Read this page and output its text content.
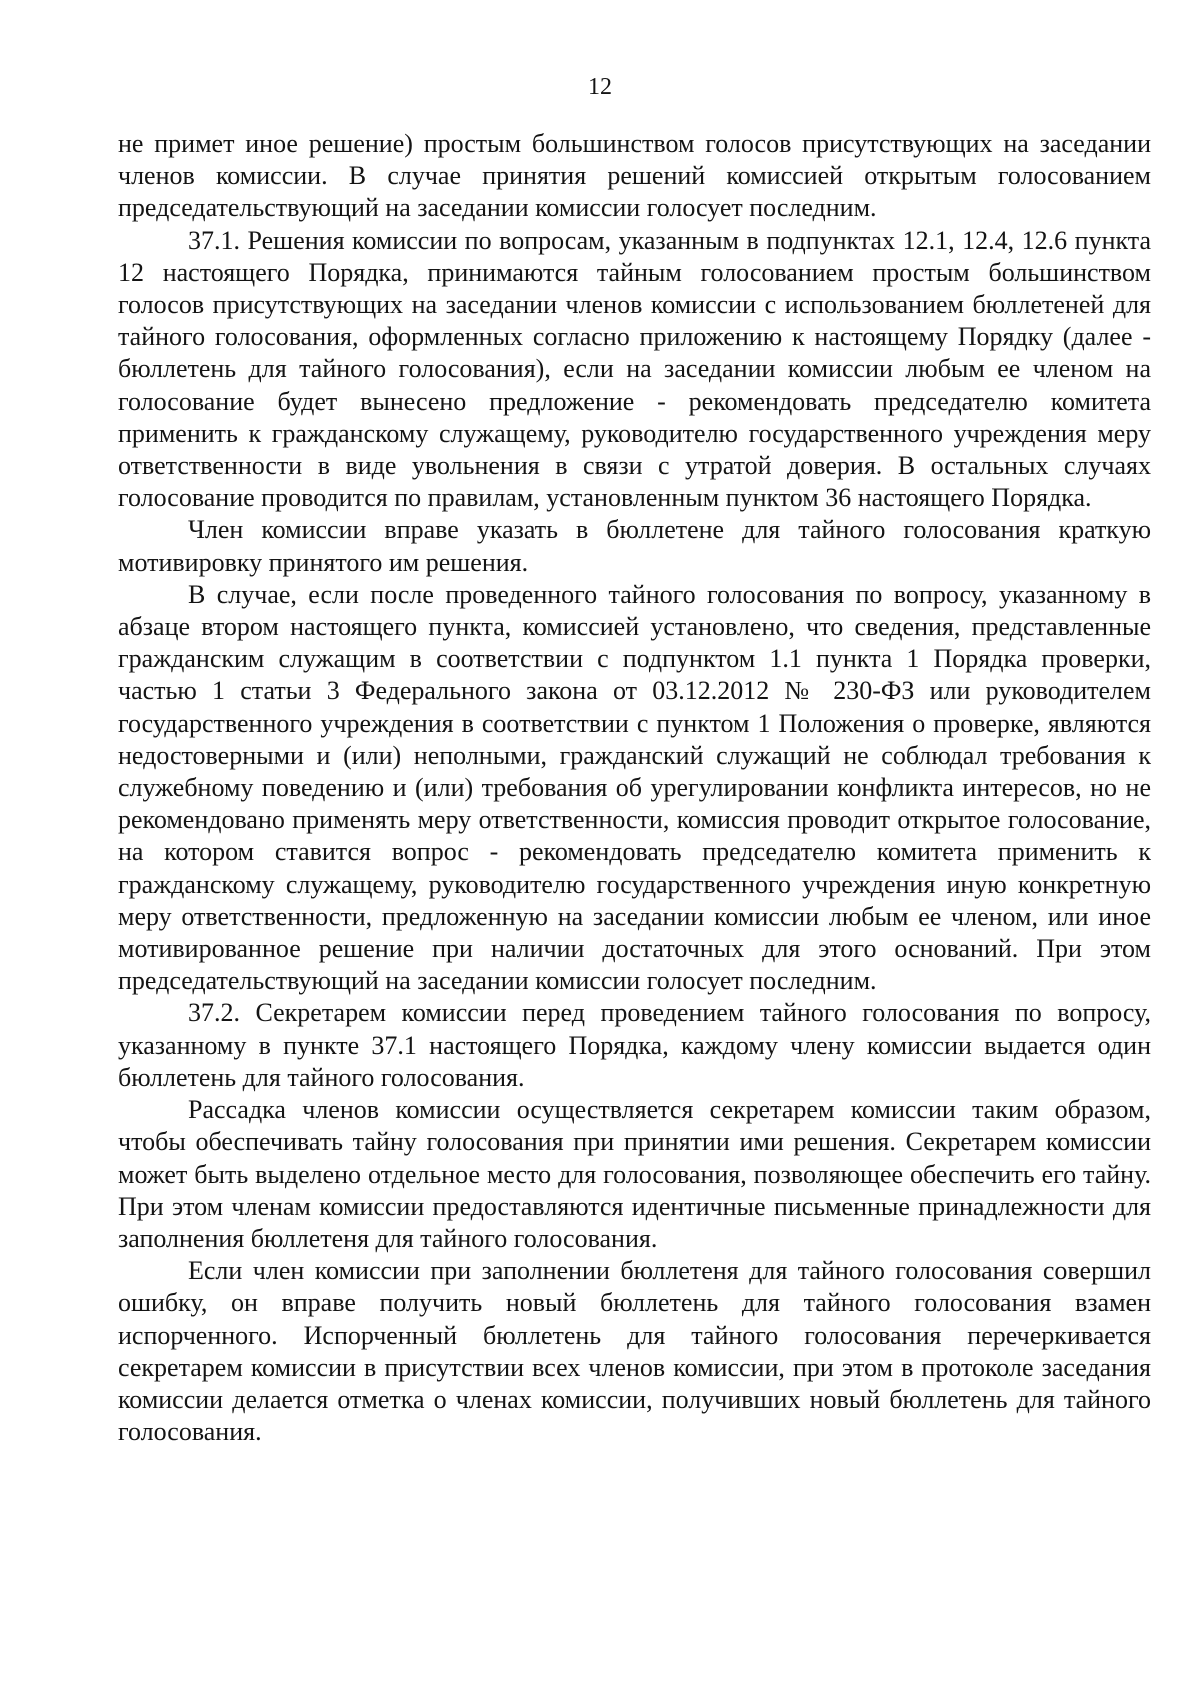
12

не примет иное решение) простым большинством голосов присутствующих на заседании членов комиссии. В случае принятия решений комиссией открытым голосованием председательствующий на заседании комиссии голосует последним.

37.1. Решения комиссии по вопросам, указанным в подпунктах 12.1, 12.4, 12.6 пункта 12 настоящего Порядка, принимаются тайным голосованием простым большинством голосов присутствующих на заседании членов комиссии с использованием бюллетеней для тайного голосования, оформленных согласно приложению к настоящему Порядку (далее - бюллетень для тайного голосования), если на заседании комиссии любым ее членом на голосование будет вынесено предложение - рекомендовать председателю комитета применить к гражданскому служащему, руководителю государственного учреждения меру ответственности в виде увольнения в связи с утратой доверия. В остальных случаях голосование проводится по правилам, установленным пунктом 36 настоящего Порядка.

Член комиссии вправе указать в бюллетене для тайного голосования краткую мотивировку принятого им решения.

В случае, если после проведенного тайного голосования по вопросу, указанному в абзаце втором настоящего пункта, комиссией установлено, что сведения, представленные гражданским служащим в соответствии с подпунктом 1.1 пункта 1 Порядка проверки, частью 1 статьи 3 Федерального закона от 03.12.2012 № 230-ФЗ или руководителем государственного учреждения в соответствии с пунктом 1 Положения о проверке, являются недостоверными и (или) неполными, гражданский служащий не соблюдал требования к служебному поведению и (или) требования об урегулировании конфликта интересов, но не рекомендовано применять меру ответственности, комиссия проводит открытое голосование, на котором ставится вопрос - рекомендовать председателю комитета применить к гражданскому служащему, руководителю государственного учреждения иную конкретную меру ответственности, предложенную на заседании комиссии любым ее членом, или иное мотивированное решение при наличии достаточных для этого оснований. При этом председательствующий на заседании комиссии голосует последним.

37.2. Секретарем комиссии перед проведением тайного голосования по вопросу, указанному в пункте 37.1 настоящего Порядка, каждому члену комиссии выдается один бюллетень для тайного голосования.

Рассадка членов комиссии осуществляется секретарем комиссии таким образом, чтобы обеспечивать тайну голосования при принятии ими решения. Секретарем комиссии может быть выделено отдельное место для голосования, позволяющее обеспечить его тайну. При этом членам комиссии предоставляются идентичные письменные принадлежности для заполнения бюллетеня для тайного голосования.

Если член комиссии при заполнении бюллетеня для тайного голосования совершил ошибку, он вправе получить новый бюллетень для тайного голосования взамен испорченного. Испорченный бюллетень для тайного голосования перечеркивается секретарем комиссии в присутствии всех членов комиссии, при этом в протоколе заседания комиссии делается отметка о членах комиссии, получивших новый бюллетень для тайного голосования.
